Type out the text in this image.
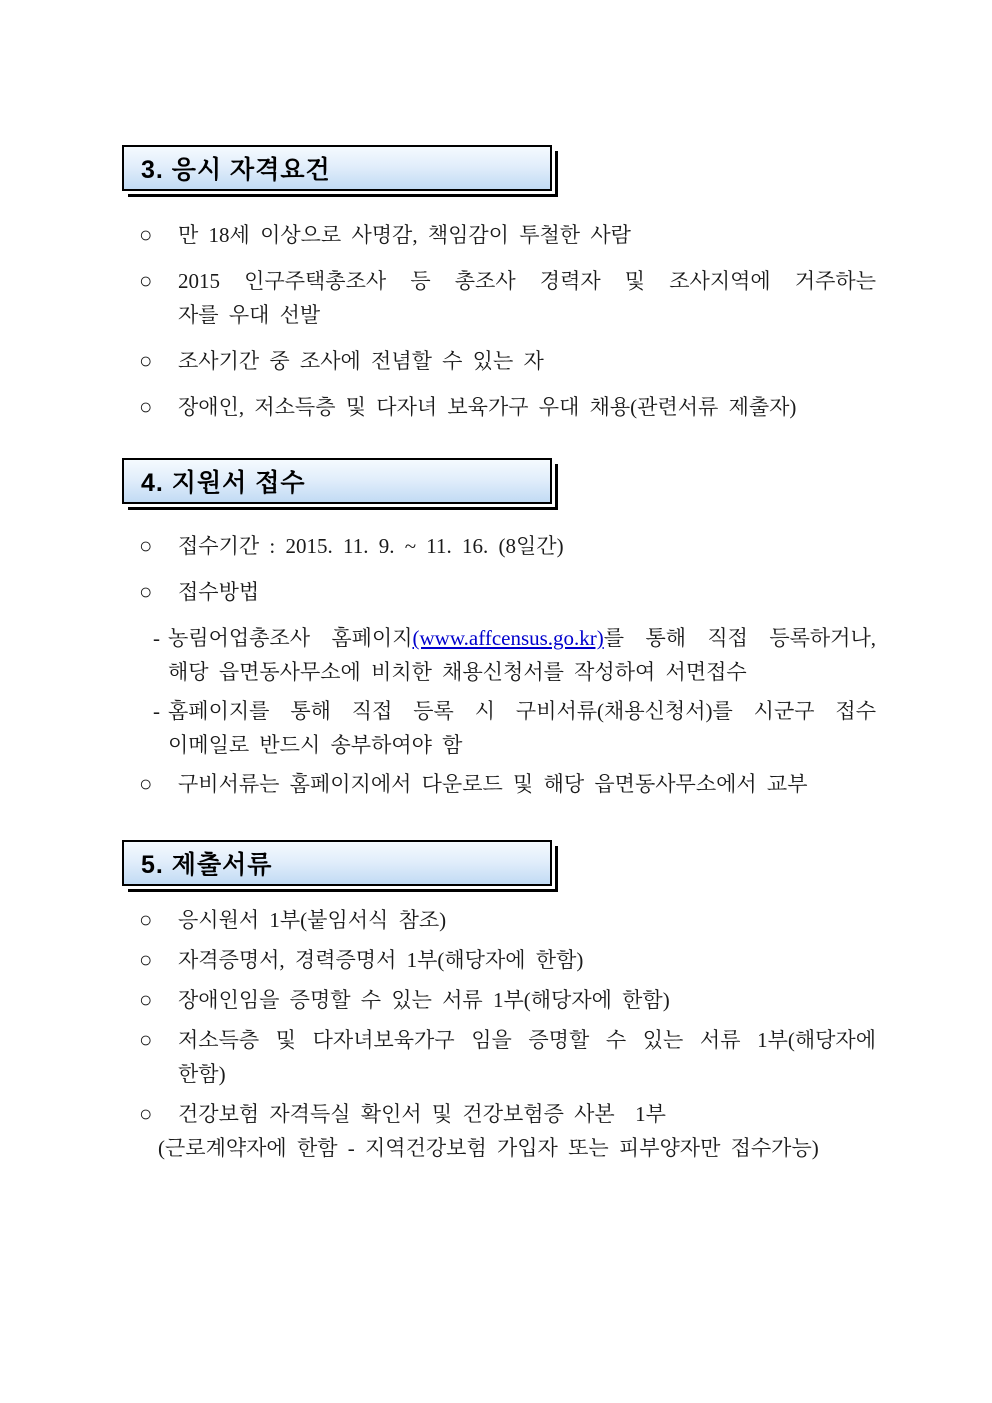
3. 응시 자격요건
○	만 18세 이상으로 사명감, 책임감이 투철한 사람
○	2015 인구주택총조사 등 총조사 경력자 및 조사지역에 거주하는
자를 우대 선발
○	조사기간 중 조사에 전념할 수 있는 자
○	장애인, 저소득층 및 다자녀 보육가구 우대 채용(관련서류 제출자)
4. 지원서 접수
○	접수기간 : 2015. 11. 9. ~ 11. 16. (8일간)
○	접수방법
- 농림어업총조사 홈페이지(www.affcensus.go.kr)를 통해 직접 등록하거나,
해당 읍면동사무소에 비치한 채용신청서를 작성하여 서면접수
- 홈페이지를 통해 직접 등록 시 구비서류(채용신청서)를 시군구 접수
이메일로 반드시 송부하여야 함
○	구비서류는 홈페이지에서 다운로드 및 해당 읍면동사무소에서 교부
5. 제출서류
○	응시원서 1부(붙임서식 참조)
○	자격증명서, 경력증명서 1부(해당자에 한함)
○	장애인임을 증명할 수 있는 서류 1부(해당자에 한함)
○	저소득층 및 다자녀보육가구 임을 증명할 수 있는 서류 1부(해당자에
한함)
○	건강보험 자격득실 확인서 및 건강보험증 사본  1부
(근로계약자에 한함 - 지역건강보험 가입자 또는 피부양자만 접수가능)
